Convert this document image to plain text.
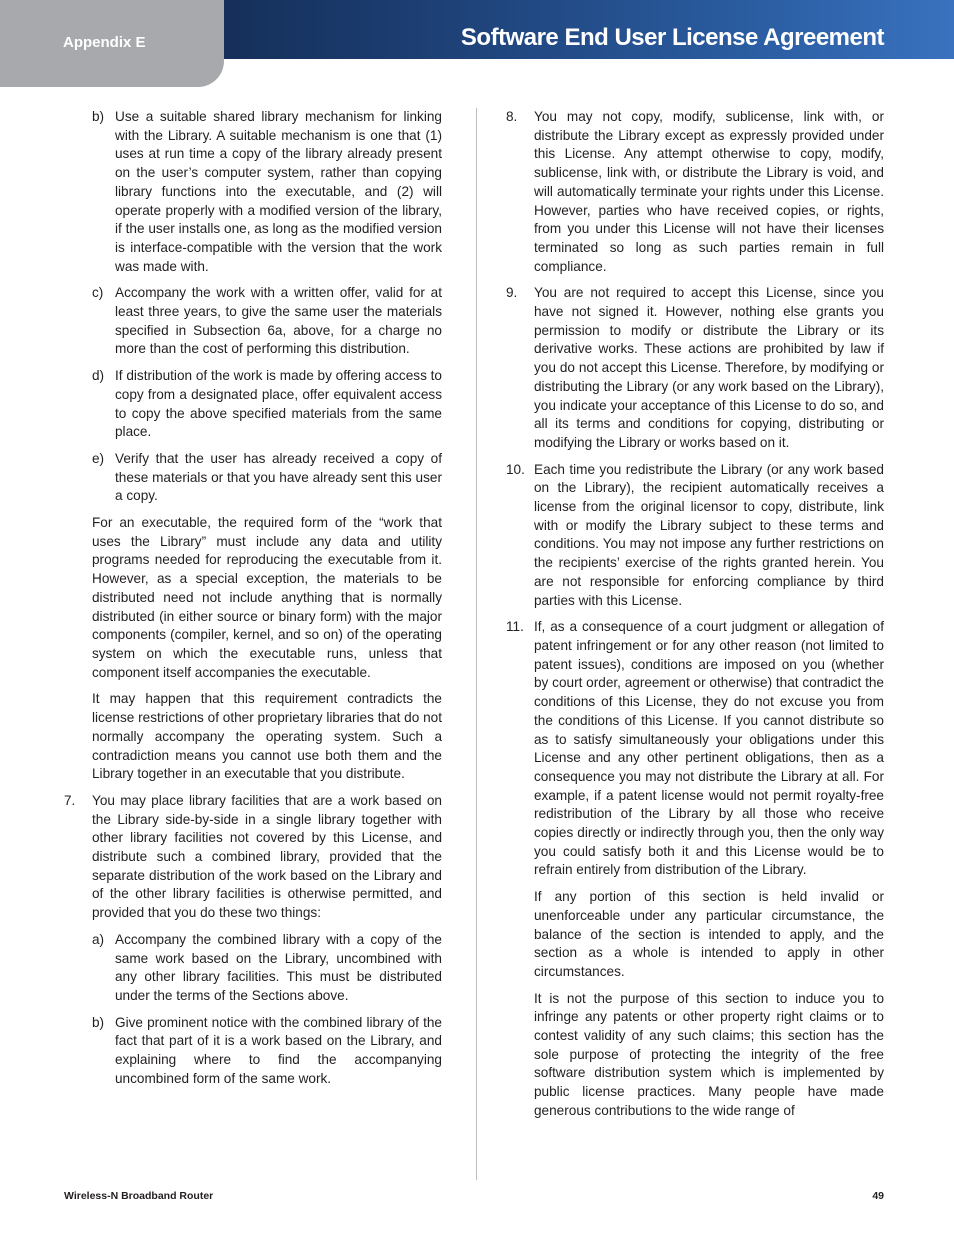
Software End User License Agreement
Appendix E
b) Use a suitable shared library mechanism for linking with the Library. A suitable mechanism is one that (1) uses at run time a copy of the library already present on the user’s computer system, rather than copying library functions into the executable, and (2) will operate properly with a modified version of the library, if the user installs one, as long as the modified version is interface-compatible with the version that the work was made with.
c) Accompany the work with a written offer, valid for at least three years, to give the same user the materials specified in Subsection 6a, above, for a charge no more than the cost of performing this distribution.
d) If distribution of the work is made by offering access to copy from a designated place, offer equivalent access to copy the above specified materials from the same place.
e) Verify that the user has already received a copy of these materials or that you have already sent this user a copy.
For an executable, the required form of the “work that uses the Library” must include any data and utility programs needed for reproducing the executable from it. However, as a special exception, the materials to be distributed need not include anything that is normally distributed (in either source or binary form) with the major components (compiler, kernel, and so on) of the operating system on which the executable runs, unless that component itself accompanies the executable.
It may happen that this requirement contradicts the license restrictions of other proprietary libraries that do not normally accompany the operating system. Such a contradiction means you cannot use both them and the Library together in an executable that you distribute.
7. You may place library facilities that are a work based on the Library side-by-side in a single library together with other library facilities not covered by this License, and distribute such a combined library, provided that the separate distribution of the work based on the Library and of the other library facilities is otherwise permitted, and provided that you do these two things:
a) Accompany the combined library with a copy of the same work based on the Library, uncombined with any other library facilities. This must be distributed under the terms of the Sections above.
b) Give prominent notice with the combined library of the fact that part of it is a work based on the Library, and explaining where to find the accompanying uncombined form of the same work.
8. You may not copy, modify, sublicense, link with, or distribute the Library except as expressly provided under this License. Any attempt otherwise to copy, modify, sublicense, link with, or distribute the Library is void, and will automatically terminate your rights under this License. However, parties who have received copies, or rights, from you under this License will not have their licenses terminated so long as such parties remain in full compliance.
9. You are not required to accept this License, since you have not signed it. However, nothing else grants you permission to modify or distribute the Library or its derivative works. These actions are prohibited by law if you do not accept this License. Therefore, by modifying or distributing the Library (or any work based on the Library), you indicate your acceptance of this License to do so, and all its terms and conditions for copying, distributing or modifying the Library or works based on it.
10. Each time you redistribute the Library (or any work based on the Library), the recipient automatically receives a license from the original licensor to copy, distribute, link with or modify the Library subject to these terms and conditions. You may not impose any further restrictions on the recipients’ exercise of the rights granted herein. You are not responsible for enforcing compliance by third parties with this License.
11. If, as a consequence of a court judgment or allegation of patent infringement or for any other reason (not limited to patent issues), conditions are imposed on you (whether by court order, agreement or otherwise) that contradict the conditions of this License, they do not excuse you from the conditions of this License. If you cannot distribute so as to satisfy simultaneously your obligations under this License and any other pertinent obligations, then as a consequence you may not distribute the Library at all. For example, if a patent license would not permit royalty-free redistribution of the Library by all those who receive copies directly or indirectly through you, then the only way you could satisfy both it and this License would be to refrain entirely from distribution of the Library.
If any portion of this section is held invalid or unenforceable under any particular circumstance, the balance of the section is intended to apply, and the section as a whole is intended to apply in other circumstances.
It is not the purpose of this section to induce you to infringe any patents or other property right claims or to contest validity of any such claims; this section has the sole purpose of protecting the integrity of the free software distribution system which is implemented by public license practices. Many people have made generous contributions to the wide range of
Wireless-N Broadband Router	49
